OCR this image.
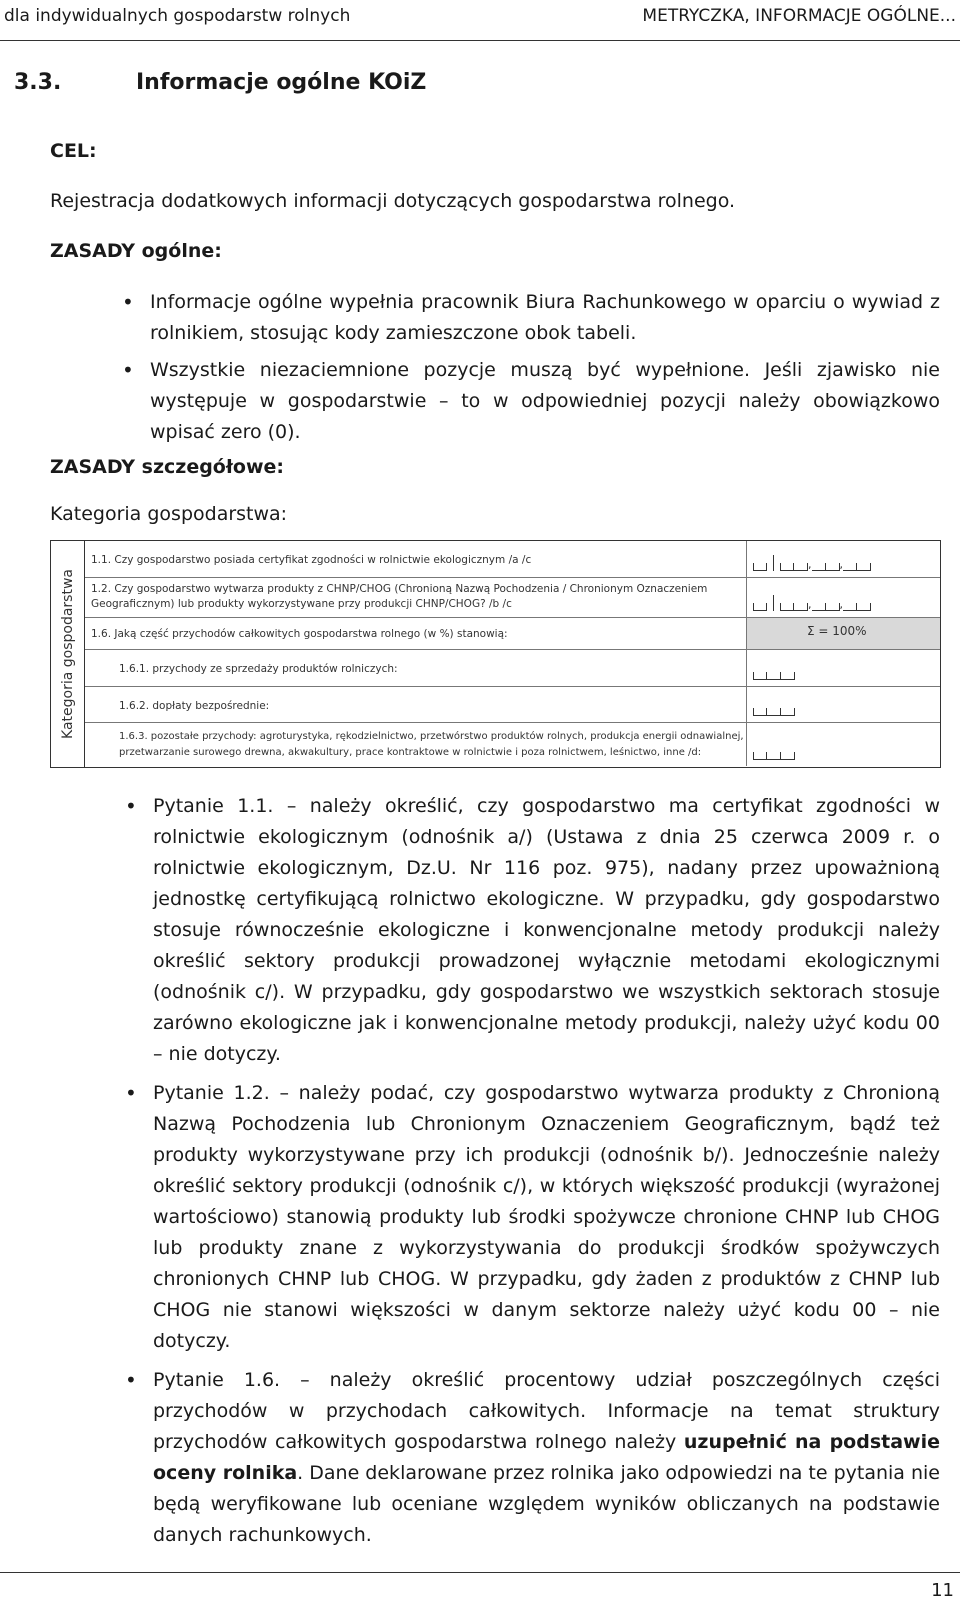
dla indywidualnych gospodarstw rolnych	METRYCZKA, INFORMACJE OGÓLNE...
3.3.	Informacje ogólne KOiZ
CEL:
Rejestracja dodatkowych informacji dotyczących gospodarstwa rolnego.
ZASADY ogólne:
• Informacje ogólne wypełnia pracownik Biura Rachunkowego w oparciu o wywiad z rolnikiem, stosując kody zamieszczone obok tabeli.
• Wszystkie niezaciemnione pozycje muszą być wypełnione. Jeśli zjawisko nie występuje w gospodarstwie – to w odpowiedniej pozycji należy obowiązkowo wpisać zero (0).
ZASADY szczegółowe:
Kategoria gospodarstwa:
Kategoria gospodarstwa
1.1. Czy gospodarstwo posiada certyfikat zgodności w rolnictwie ekologicznym /a /c	,	,
1.2. Czy gospodarstwo wytwarza produkty z CHNP/CHOG (Chronioną Nazwą Pochodzenia / Chronionym Oznaczeniem Geograficznym) lub produkty wykorzystywane przy produkcji CHNP/CHOG? /b /c	,	,
1.6. Jaką część przychodów całkowitych gospodarstwa rolnego (w %) stanowią:	Σ = 100%
1.6.1. przychody ze sprzedaży produktów rolniczych:
1.6.2. dopłaty bezpośrednie:
1.6.3. pozostałe przychody: agroturystyka, rękodzielnictwo, przetwórstwo produktów rolnych, produkcja energii odnawialnej, przetwarzanie surowego drewna, akwakultury, prace kontraktowe w rolnictwie i poza rolnictwem, leśnictwo, inne /d:
• Pytanie 1.1. – należy określić, czy gospodarstwo ma certyfikat zgodności w rolnictwie ekologicznym (odnośnik a/) (Ustawa z dnia 25 czerwca 2009 r. o rolnictwie ekologicznym, Dz.U. Nr 116 poz. 975), nadany przez upoważnioną jednostkę certyfikującą rolnictwo ekologiczne. W przypadku, gdy gospodarstwo stosuje równocześnie ekologiczne i konwencjonalne metody produkcji należy określić sektory produkcji prowadzonej wyłącznie metodami ekologicznymi (odnośnik c/). W przypadku, gdy gospodarstwo we wszystkich sektorach stosuje zarówno ekologiczne jak i konwencjonalne metody produkcji, należy użyć kodu 00 – nie dotyczy.
• Pytanie 1.2. – należy podać, czy gospodarstwo wytwarza produkty z Chronioną Nazwą Pochodzenia lub Chronionym Oznaczeniem Geograficznym, bądź też produkty wykorzystywane przy ich produkcji (odnośnik b/). Jednocześnie należy określić sektory produkcji (odnośnik c/), w których większość produkcji (wyrażonej wartościowo) stanowią produkty lub środki spożywcze chronione CHNP lub CHOG lub produkty znane z wykorzystywania do produkcji środków spożywczych chronionych CHNP lub CHOG. W przypadku, gdy żaden z produktów z CHNP lub CHOG nie stanowi większości w danym sektorze należy użyć kodu 00 – nie dotyczy.
• Pytanie 1.6. – należy określić procentowy udział poszczególnych części przychodów w przychodach całkowitych. Informacje na temat struktury przychodów całkowitych gospodarstwa rolnego należy uzupełnić na podstawie oceny rolnika. Dane deklarowane przez rolnika jako odpowiedzi na te pytania nie będą weryfikowane lub oceniane względem wyników obliczanych na podstawie danych rachunkowych.
11
